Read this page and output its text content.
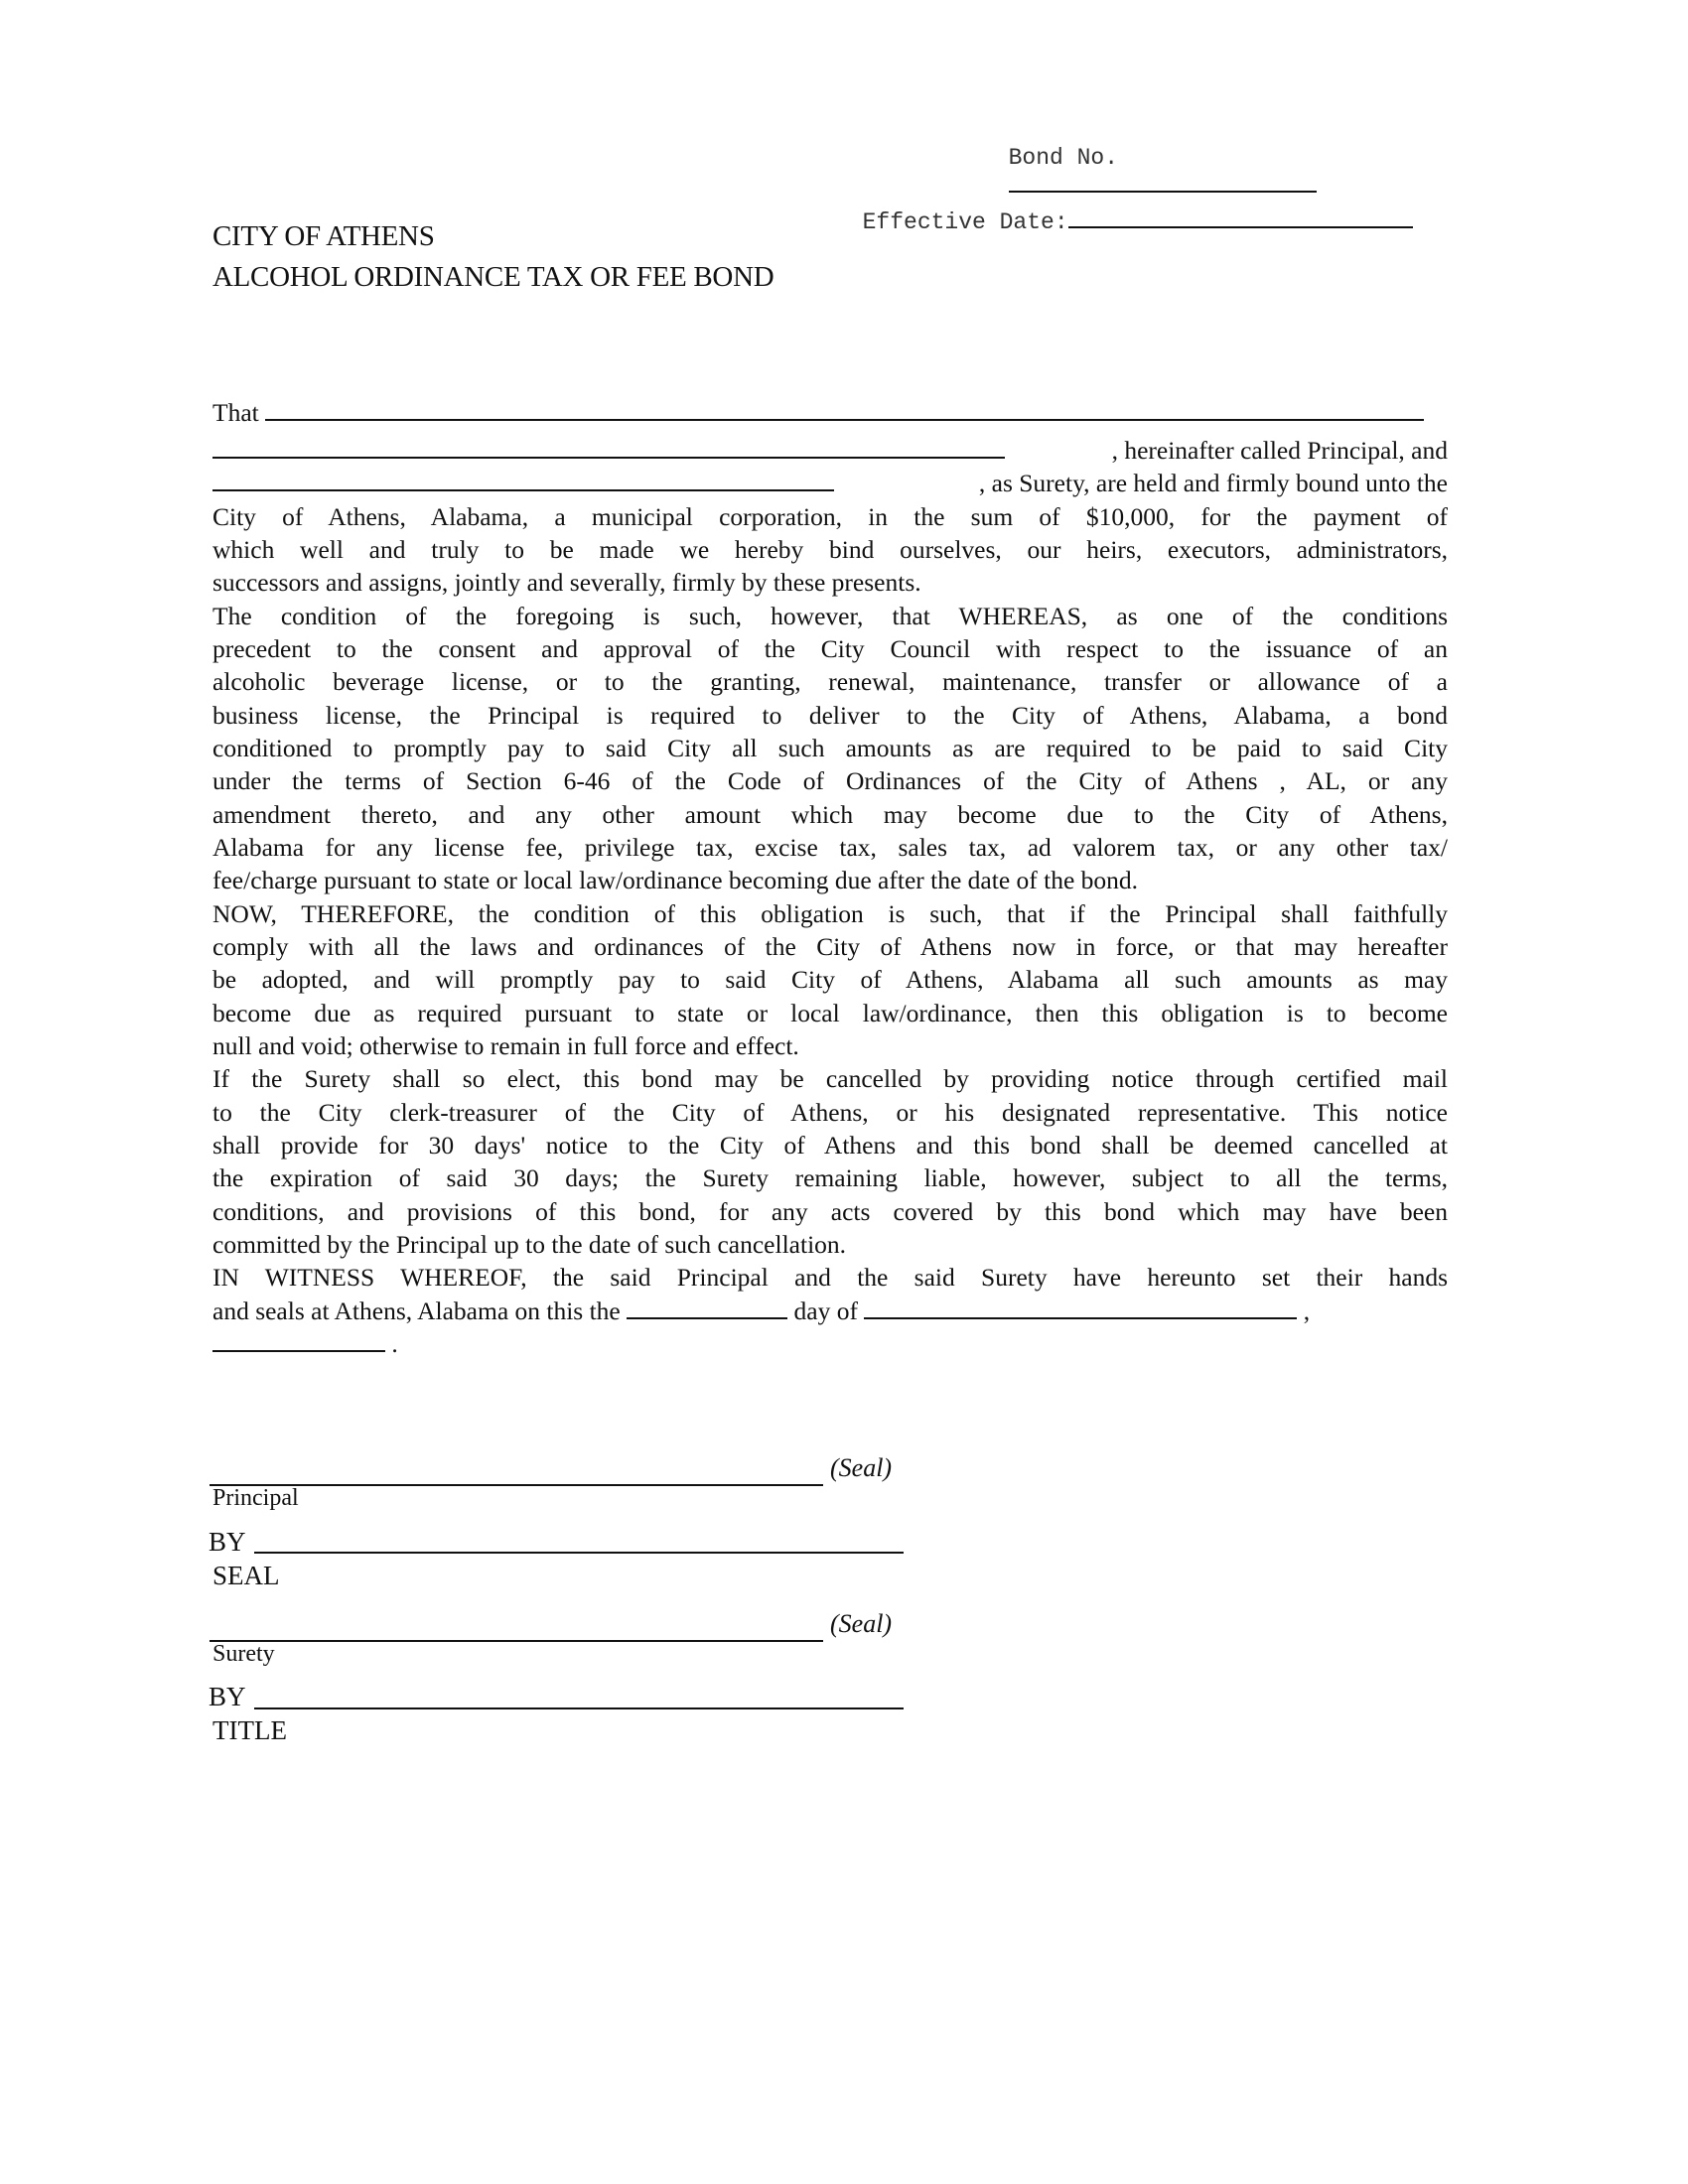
Bond No.

Effective Date:

CITY OF ATHENS
ALCOHOL ORDINANCE TAX OR FEE BOND
That
, hereinafter called Principal, and
, as Surety, are held and firmly bound unto the
City of Athens, Alabama, a municipal corporation, in the sum of $10,000, for the payment of
which well and truly to be made we hereby bind ourselves, our heirs, executors, administrators,
successors and assigns, jointly and severally, firmly by these presents.
The condition of the foregoing is such, however, that WHEREAS, as one of the conditions
precedent to the consent and approval of the City Council with respect to the issuance of an
alcoholic beverage license, or to the granting, renewal, maintenance, transfer or allowance of a
business license, the Principal is required to deliver to the City of Athens, Alabama, a bond
conditioned to promptly pay to said City all such amounts as are required to be paid to said City
under the terms of Section 6-46 of the Code of Ordinances of the City of Athens , AL, or any
amendment thereto, and any other amount which may become due to the City of Athens,
Alabama for any license fee, privilege tax, excise tax, sales tax, ad valorem tax, or any other tax/
fee/charge pursuant to state or local law/ordinance becoming due after the date of the bond.
NOW, THEREFORE, the condition of this obligation is such, that if the Principal shall faithfully
comply with all the laws and ordinances of the City of Athens now in force, or that may hereafter
be adopted, and will promptly pay to said City of Athens, Alabama all such amounts as may
become due as required pursuant to state or local law/ordinance, then this obligation is to become
null and void; otherwise to remain in full force and effect.
If the Surety shall so elect, this bond may be cancelled by providing notice through certified mail
to the City clerk-treasurer of the City of Athens, or his designated representative. This notice
shall provide for 30 days' notice to the City of Athens and this bond shall be deemed cancelled at
the expiration of said 30 days; the Surety remaining liable, however, subject to all the terms,
conditions, and provisions of this bond, for any acts covered by this bond which may have been
committed by the Principal up to the date of such cancellation.
IN WITNESS WHEREOF, the said Principal and the said Surety have hereunto set their hands
and seals at Athens, Alabama on this the	day of	,
.
(Seal)
Principal
BY
SEAL
(Seal)
Surety
BY
TITLE
